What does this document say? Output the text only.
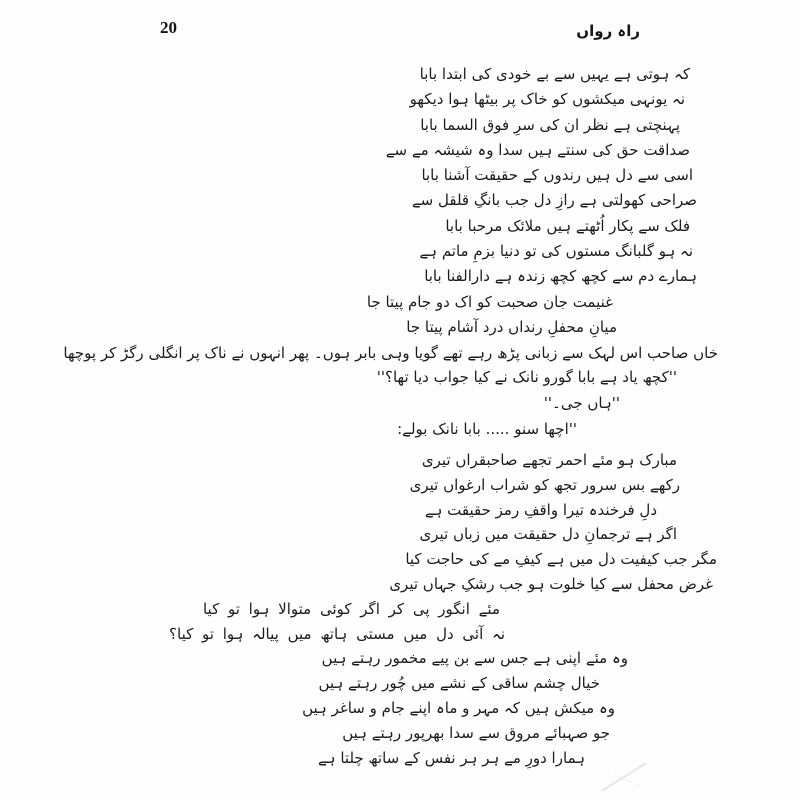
20	راہ رواں
کہ ہوتی ہے یہیں سے بے خودی کی ابتدا بابا
نہ یونہی میکشوں کو خاک پر بیٹھا ہوا دیکھو
پہنچتی ہے نظر ان کی سرِ فوق السما بابا
صداقت حق کی سنتے ہیں سدا وہ شیشہ مے سے
اسی سے دل ہیں رندوں کے حقیقت آشنا بابا
صراحی کھولتی ہے رازِ دل جب بانگِ قلقل سے
فلک سے پکار اُٹھتے ہیں ملائک مرحبا بابا
نہ ہو گلبانگ مستوں کی تو دنیا بزمِ ماتم ہے
ہمارے دم سے کچھ کچھ زندہ ہے دارالفنا بابا
غنیمت جان صحبت کو اک دو جام پیتا جا
میانِ محفلِ رنداں درد آشام پیتا جا
خاں صاحب اس لہک سے زبانی پڑھ رہے تھے گویا وہی بابر ہوں۔ پھر انہوں نے ناک پر انگلی رگڑ کر پوچھا
''کچھ یاد ہے بابا گورو نانک نے کیا جواب دیا تھا؟''
''ہاں جی۔''
''اچھا سنو ..... بابا نانک بولے:
مبارک ہو مئے احمر تجھے صاحبقراں تیری
رکھے بس سرور تجھ کو شراب ارغواں تیری
دلِ فرخندہ تیرا واقفِ رمز حقیقت ہے
اگر ہے ترجمانِ دل حقیقت میں زباں تیری
مگر جب کیفیت دل میں ہے کیفِ مے کی حاجت کیا
غرض محفل سے کیا خلوت ہو جب رشکِ جہاں تیری
مئے انگور پی کر اگر کوئی متوالا ہوا تو کیا
نہ آئی دل میں مستی ہاتھ میں پیالہ ہوا تو کیا؟
وہ مئے اپنی ہے جس سے بن پیے مخمور رہتے ہیں
خیال چشم ساقی کے نشے میں چُور رہتے ہیں
وہ میکش ہیں کہ مہر و ماہ اپنے جام و ساغر ہیں
جو صہبائے مروق سے سدا بھرپور رہتے ہیں
ہمارا دورِ مے ہر ہر نفس کے ساتھ چلتا ہے
